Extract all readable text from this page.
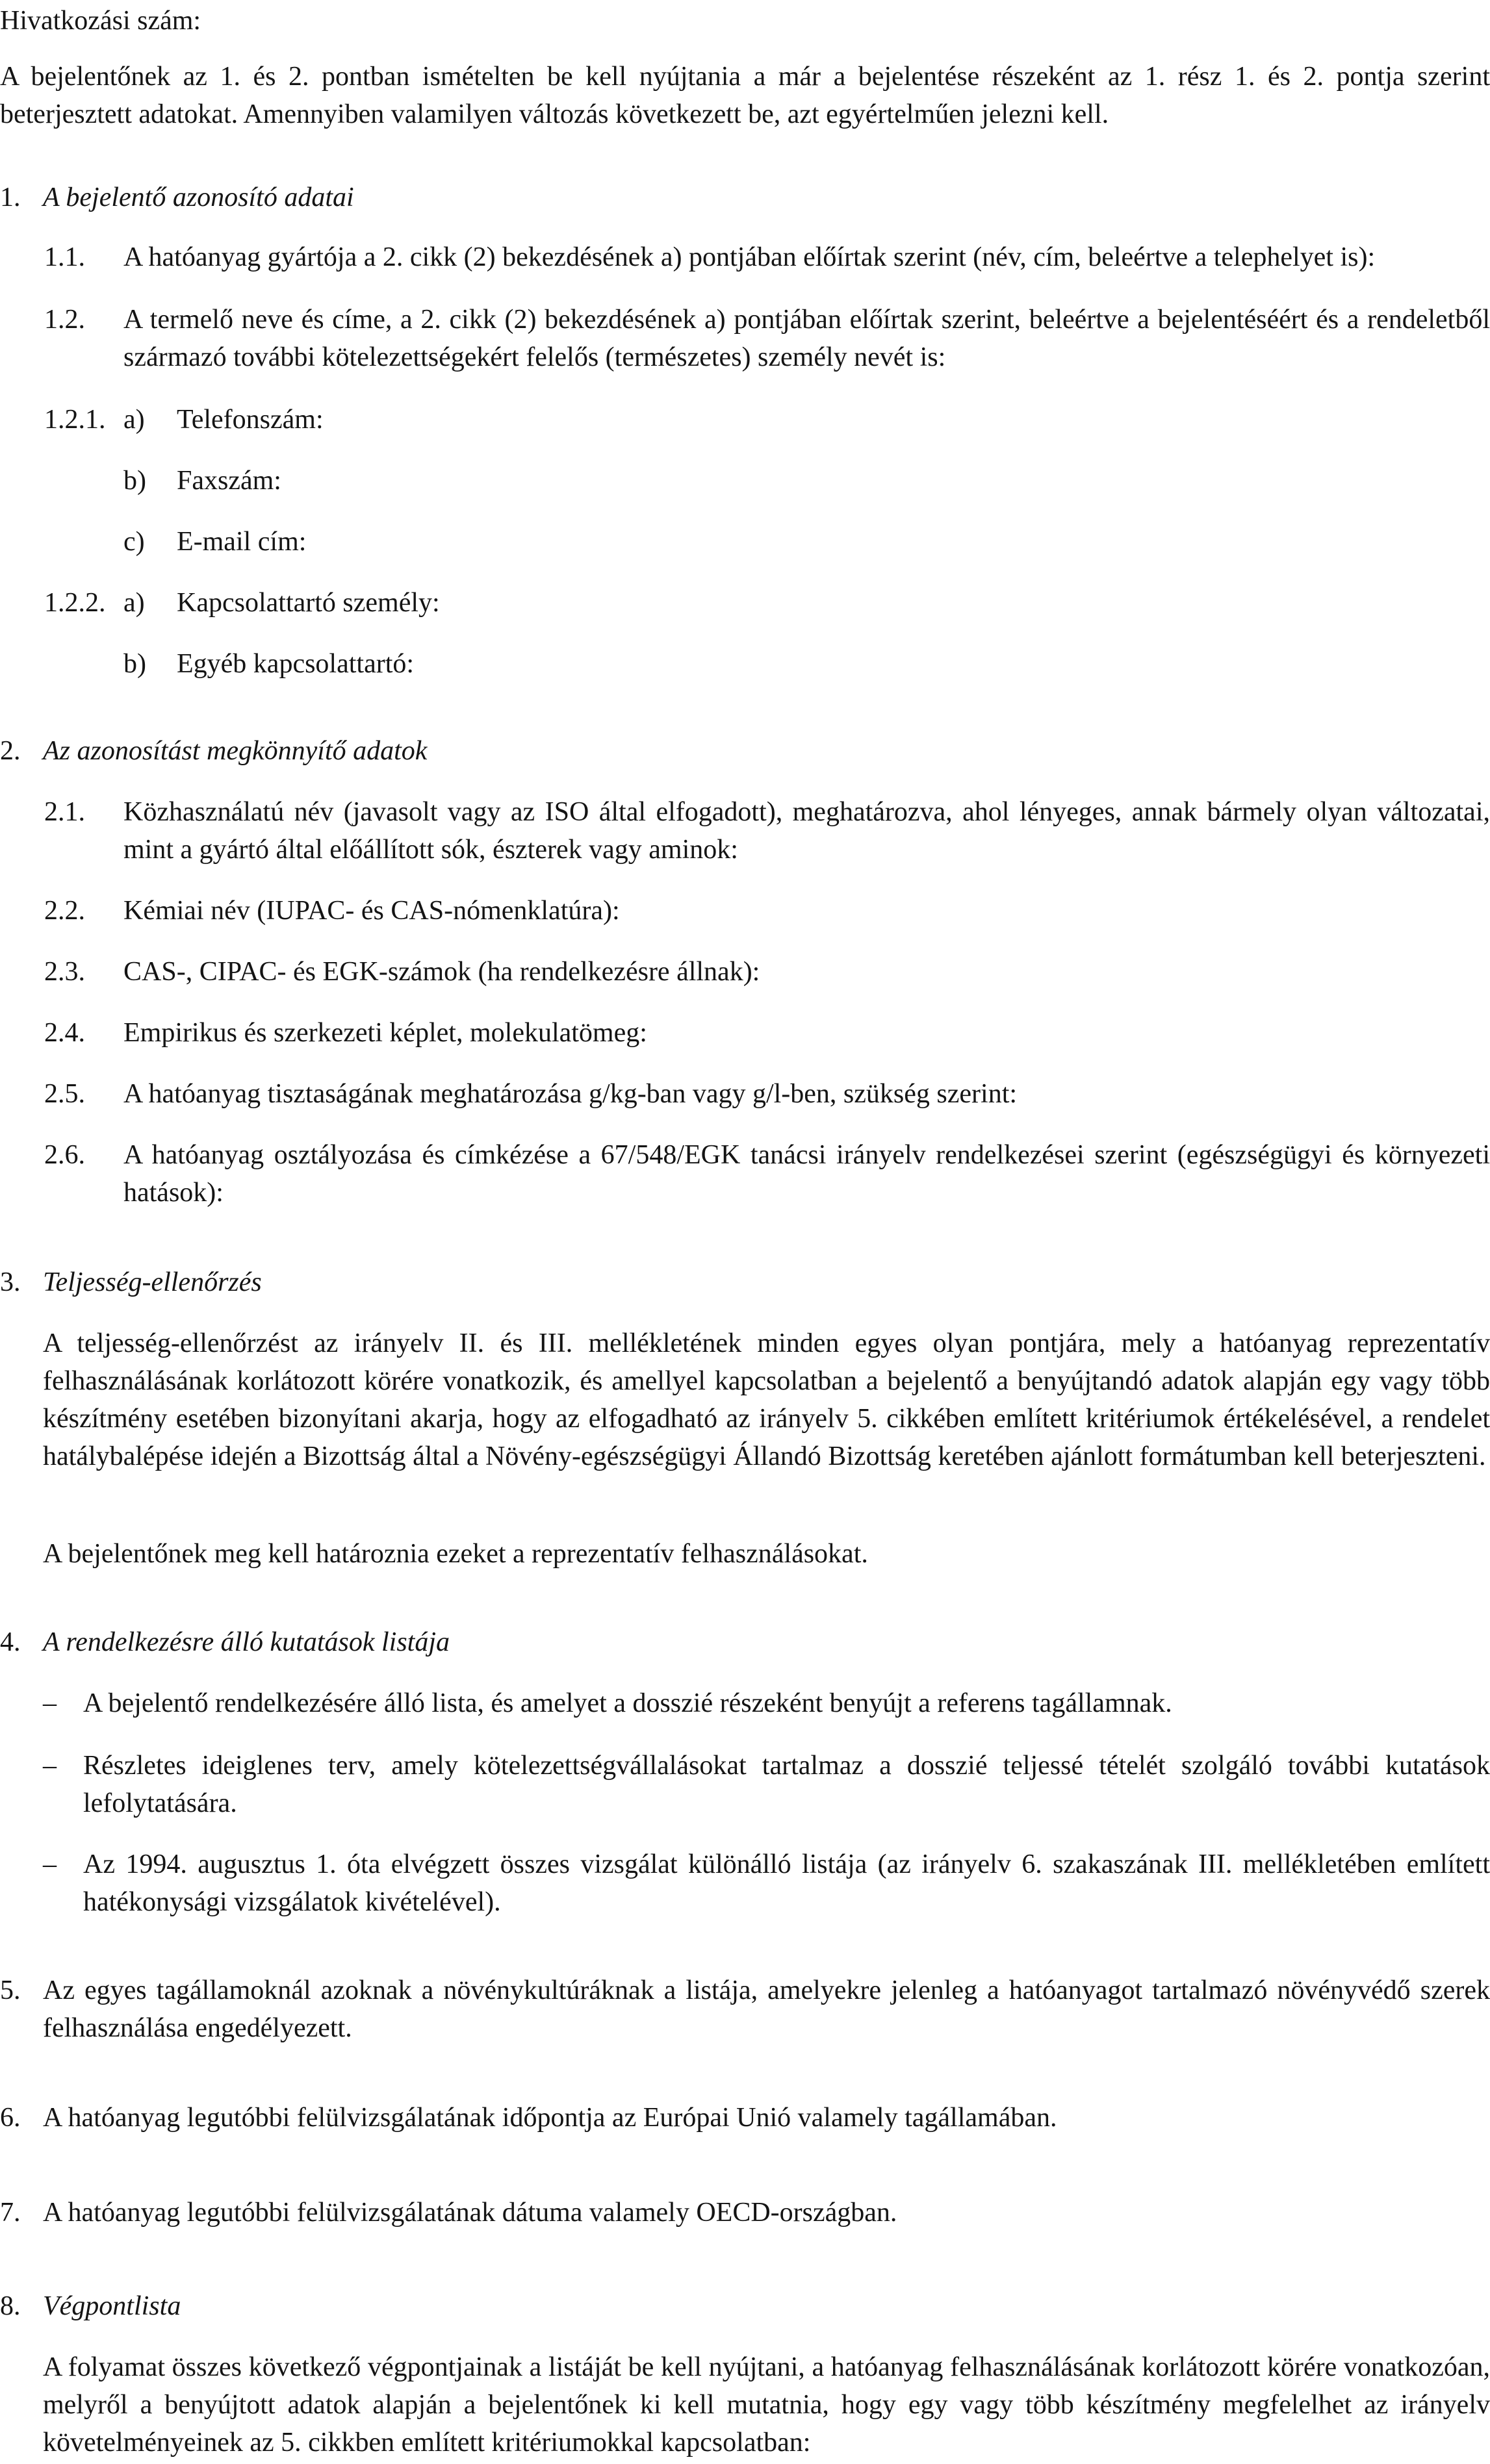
Hivatkozási szám:
A bejelentőnek az 1. és 2. pontban ismételten be kell nyújtania a már a bejelentése részeként az 1. rész 1. és 2. pontja szerint beterjesztett adatokat. Amennyiben valamilyen változás következett be, azt egyértelműen jelezni kell.
1. A bejelentő azonosító adatai
1.1. A hatóanyag gyártója a 2. cikk (2) bekezdésének a) pontjában előírtak szerint (név, cím, beleértve a telephelyet is):
1.2. A termelő neve és címe, a 2. cikk (2) bekezdésének a) pontjában előírtak szerint, beleértve a bejelentéséért és a rendeletből származó további kötelezettségekért felelős (természetes) személy nevét is:
1.2.1. a) Telefonszám:
b) Faxszám:
c) E-mail cím:
1.2.2. a) Kapcsolattartó személy:
b) Egyéb kapcsolattartó:
2. Az azonosítást megkönnyítő adatok
2.1. Közhasználatú név (javasolt vagy az ISO által elfogadott), meghatározva, ahol lényeges, annak bármely olyan változatai, mint a gyártó által előállított sók, észterek vagy aminok:
2.2. Kémiai név (IUPAC- és CAS-nómenklatúra):
2.3. CAS-, CIPAC- és EGK-számok (ha rendelkezésre állnak):
2.4. Empirikus és szerkezeti képlet, molekulatömeg:
2.5. A hatóanyag tisztaságának meghatározása g/kg-ban vagy g/l-ben, szükség szerint:
2.6. A hatóanyag osztályozása és címkézése a 67/548/EGK tanácsi irányelv rendelkezései szerint (egészségügyi és környezeti hatások):
3. Teljesség-ellenőrzés
A teljesség-ellenőrzést az irányelv II. és III. mellékletének minden egyes olyan pontjára, mely a hatóanyag reprezentatív felhasználásának korlátozott körére vonatkozik, és amellyel kapcsolatban a bejelentő a benyújtandó adatok alapján egy vagy több készítmény esetében bizonyítani akarja, hogy az elfogadható az irányelv 5. cikkében említett kritériumok értékelésével, a rendelet hatálybalépése idején a Bizottság által a Növény-egészségügyi Állandó Bizottság keretében ajánlott formátumban kell beterjeszteni.
A bejelentőnek meg kell határoznia ezeket a reprezentatív felhasználásokat.
4. A rendelkezésre álló kutatások listája
– A bejelentő rendelkezésére álló lista, és amelyet a dosszié részeként benyújt a referens tagállamnak.
– Részletes ideiglenes terv, amely kötelezettségvállalásokat tartalmaz a dosszié teljessé tételét szolgáló további kutatások lefolytatására.
– Az 1994. augusztus 1. óta elvégzett összes vizsgálat különálló listája (az irányelv 6. szakaszának III. mellékletében említett hatékonysági vizsgálatok kivételével).
5. Az egyes tagállamoknál azoknak a növénykultúráknak a listája, amelyekre jelenleg a hatóanyagot tartalmazó növényvédő szerek felhasználása engedélyezett.
6. A hatóanyag legutóbbi felülvizsgálatának időpontja az Európai Unió valamely tagállamában.
7. A hatóanyag legutóbbi felülvizsgálatának dátuma valamely OECD-országban.
8. Végpontlista
A folyamat összes következő végpontjainak a listáját be kell nyújtani, a hatóanyag felhasználásának korlátozott körére vonatkozóan, melyről a benyújtott adatok alapján a bejelentőnek ki kell mutatnia, hogy egy vagy több készítmény megfelelhet az irányelv követelményeinek az 5. cikkben említett kritériumokkal kapcsolatban:
